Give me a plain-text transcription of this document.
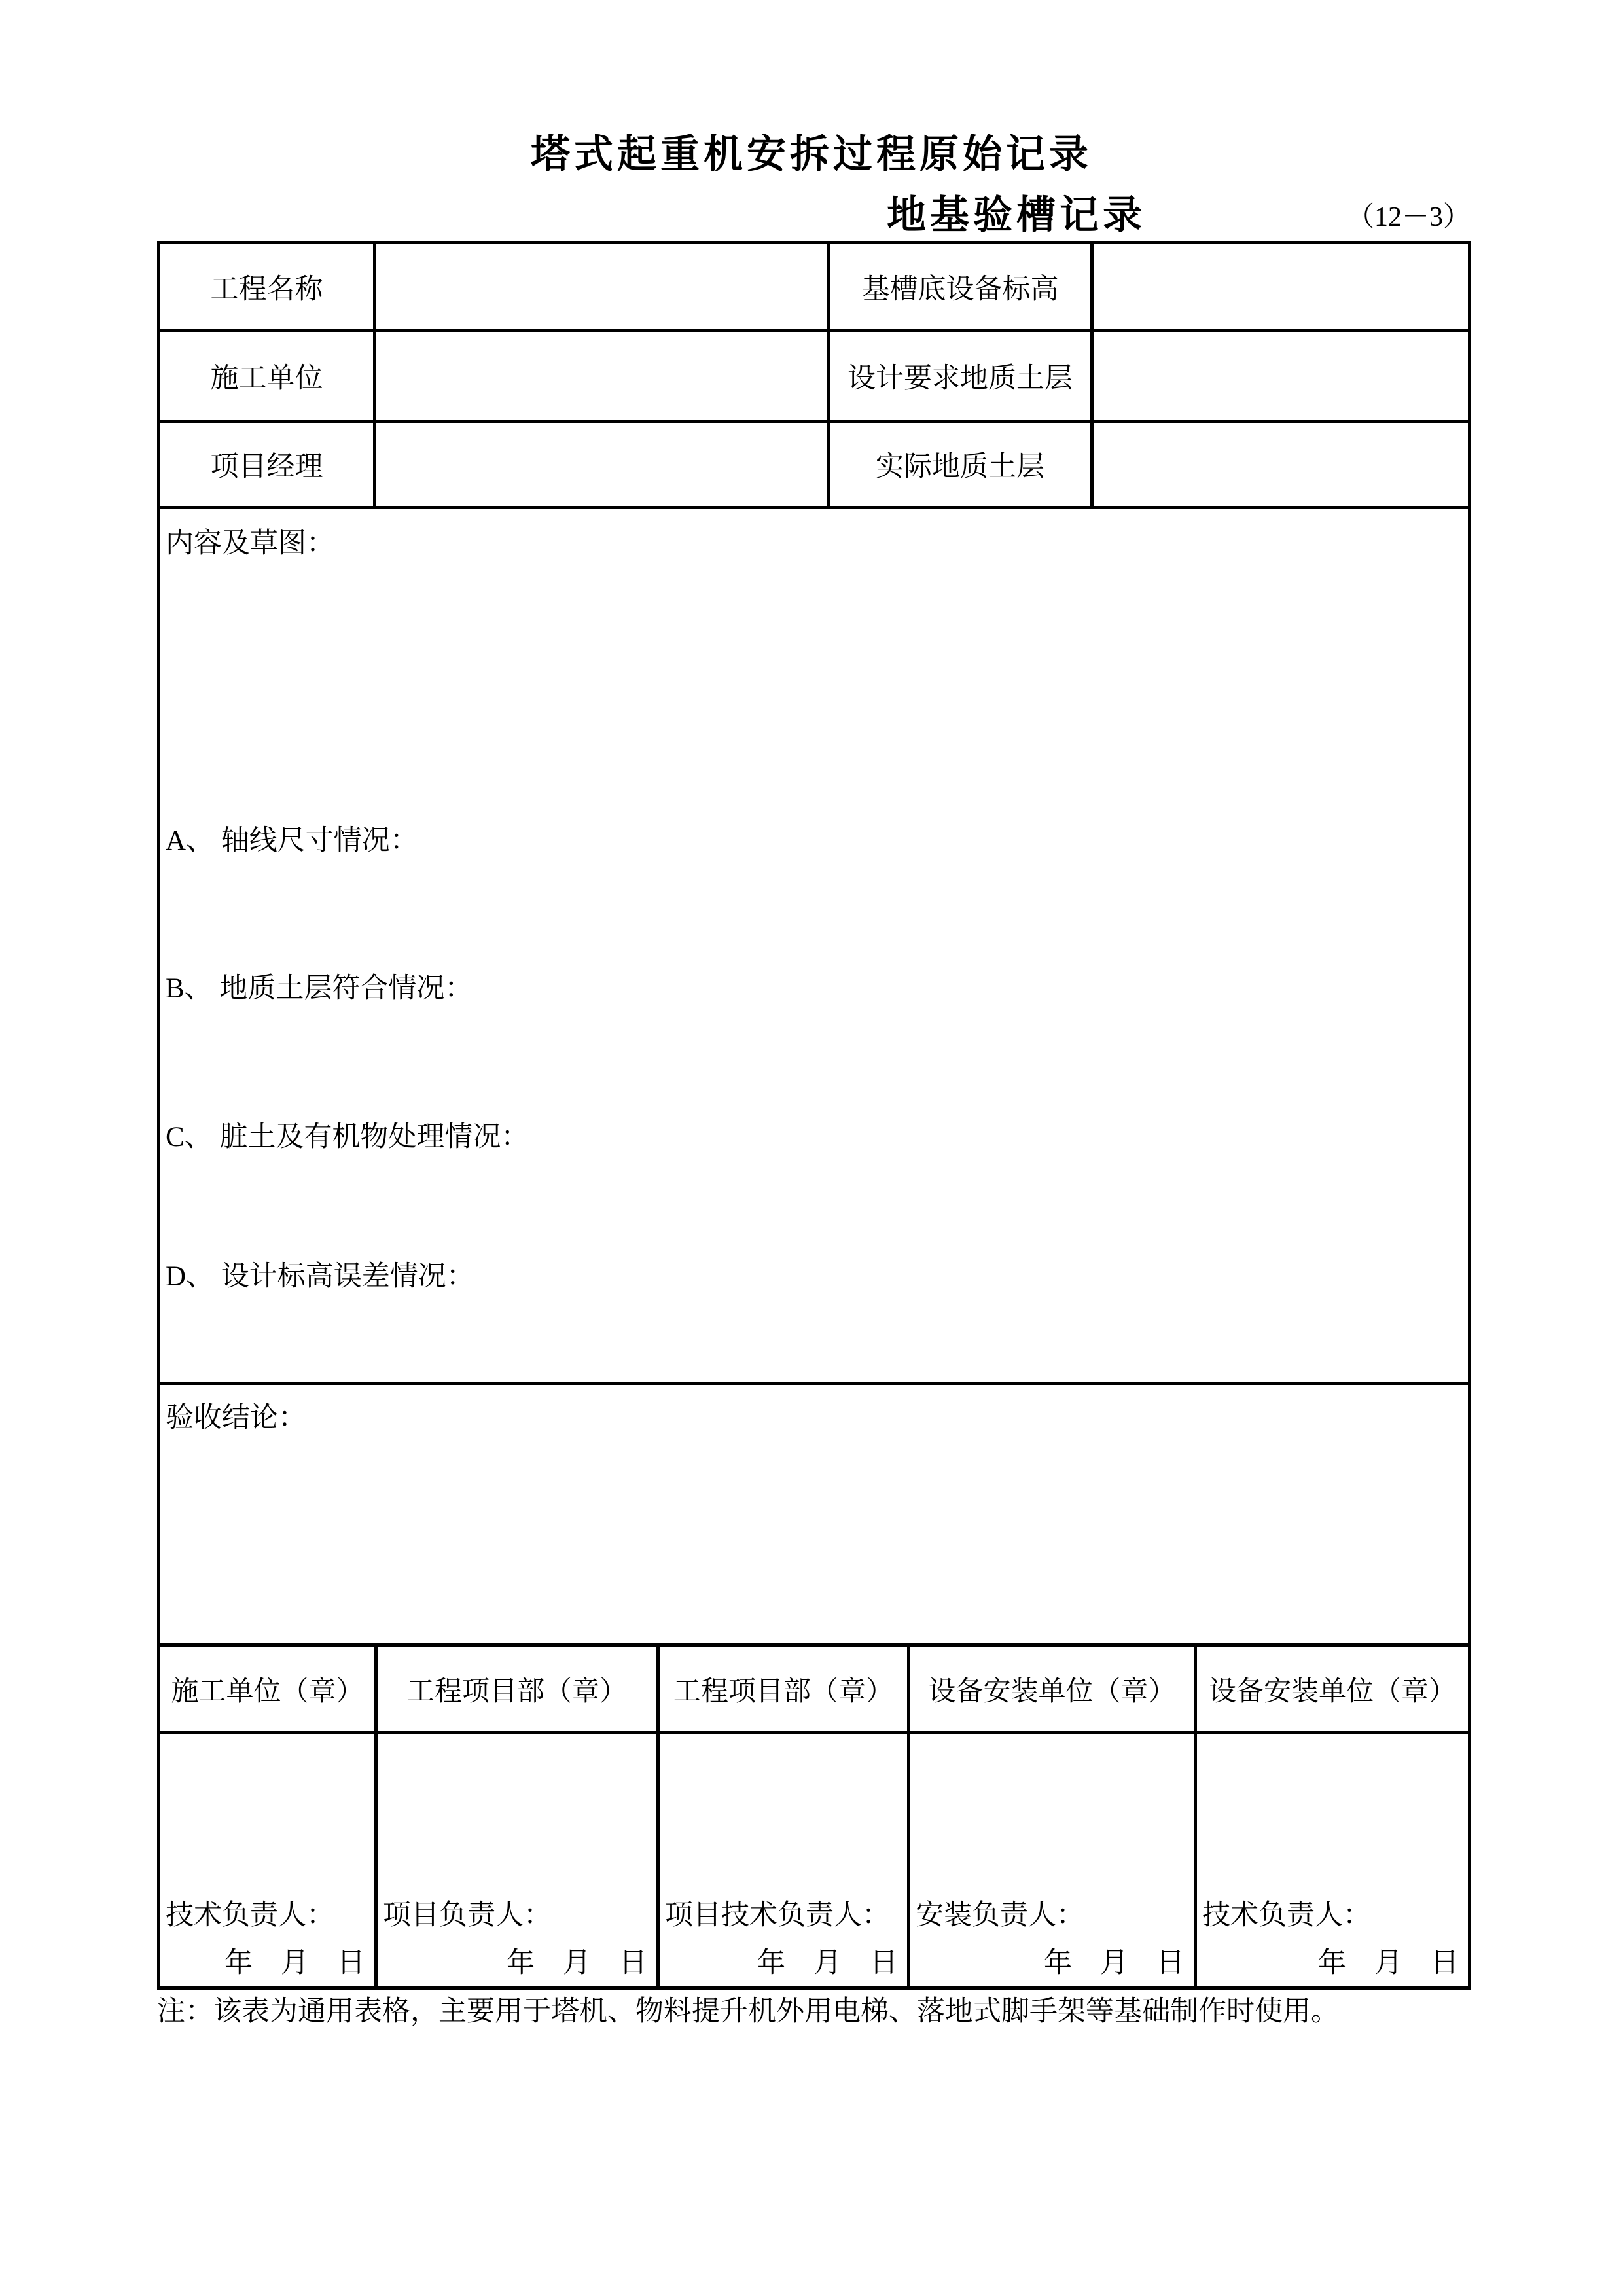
塔式起重机安拆过程原始记录
地基验槽记录	（12－3）
工程名称	基槽底设备标高
施工单位	设计要求地质土层
项目经理	实际地质土层
内容及草图：
A、 轴线尺寸情况：
B、 地质土层符合情况：
C、 脏土及有机物处理情况：
D、 设计标高误差情况：
验收结论：
施工单位（章）	工程项目部（章）	工程项目部（章）	设备安装单位（章）	设备安装单位（章）
技术负责人：
年　月　日
项目负责人：
年　月　日
项目技术负责人：
年　月　日
安装负责人：
年　月　日
技术负责人：
年　月　日
注：该表为通用表格，主要用于塔机、物料提升机外用电梯、落地式脚手架等基础制作时使用。
